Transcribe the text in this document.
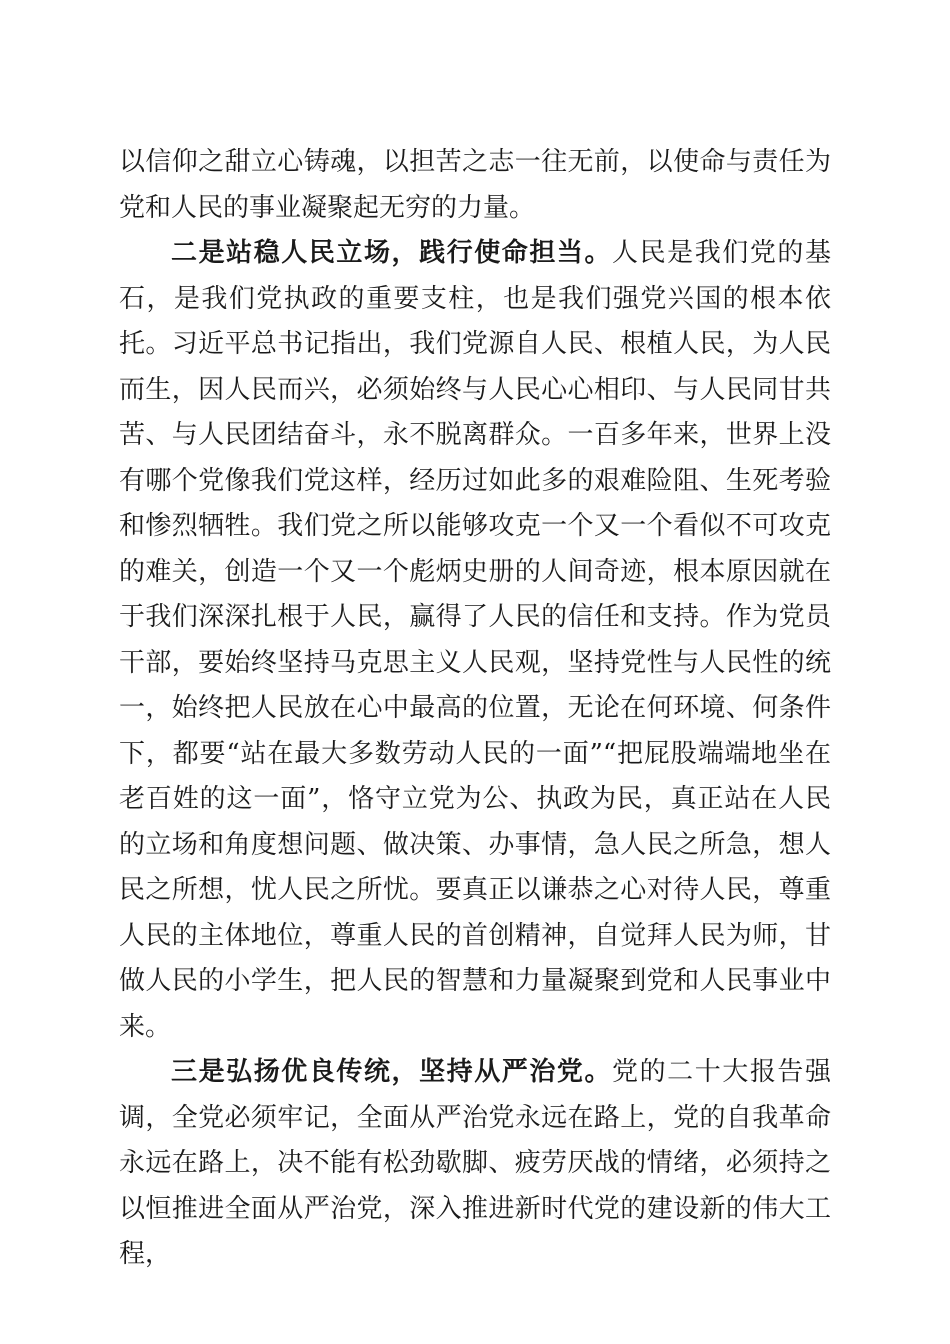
以信仰之甜立心铸魂，以担苦之志一往无前，以使命与责任为党和人民的事业凝聚起无穷的力量。

二是站稳人民立场，践行使命担当。人民是我们党的基石，是我们党执政的重要支柱，也是我们强党兴国的根本依托。习近平总书记指出，我们党源自人民、根植人民，为人民而生，因人民而兴，必须始终与人民心心相印、与人民同甘共苦、与人民团结奋斗，永不脱离群众。一百多年来，世界上没有哪个党像我们党这样，经历过如此多的艰难险阻、生死考验和惨烈牺牲。我们党之所以能够攻克一个又一个看似不可攻克的难关，创造一个又一个彪炳史册的人间奇迹，根本原因就在于我们深深扎根于人民，赢得了人民的信任和支持。作为党员干部，要始终坚持马克思主义人民观，坚持党性与人民性的统一，始终把人民放在心中最高的位置，无论在何环境、何条件下，都要“站在最大多数劳动人民的一面”“把屁股端端地坐在老百姓的这一面”，恪守立党为公、执政为民，真正站在人民的立场和角度想问题、做决策、办事情，急人民之所急，想人民之所想，忧人民之所忧。要真正以谦恭之心对待人民，尊重人民的主体地位，尊重人民的首创精神，自觉拜人民为师，甘做人民的小学生，把人民的智慧和力量凝聚到党和人民事业中来。

三是弘扬优良传统，坚持从严治党。党的二十大报告强调，全党必须牢记，全面从严治党永远在路上，党的自我革命永远在路上，决不能有松劲歇脚、疲劳厌战的情绪，必须持之以恒推进全面从严治党，深入推进新时代党的建设新的伟大工程，
